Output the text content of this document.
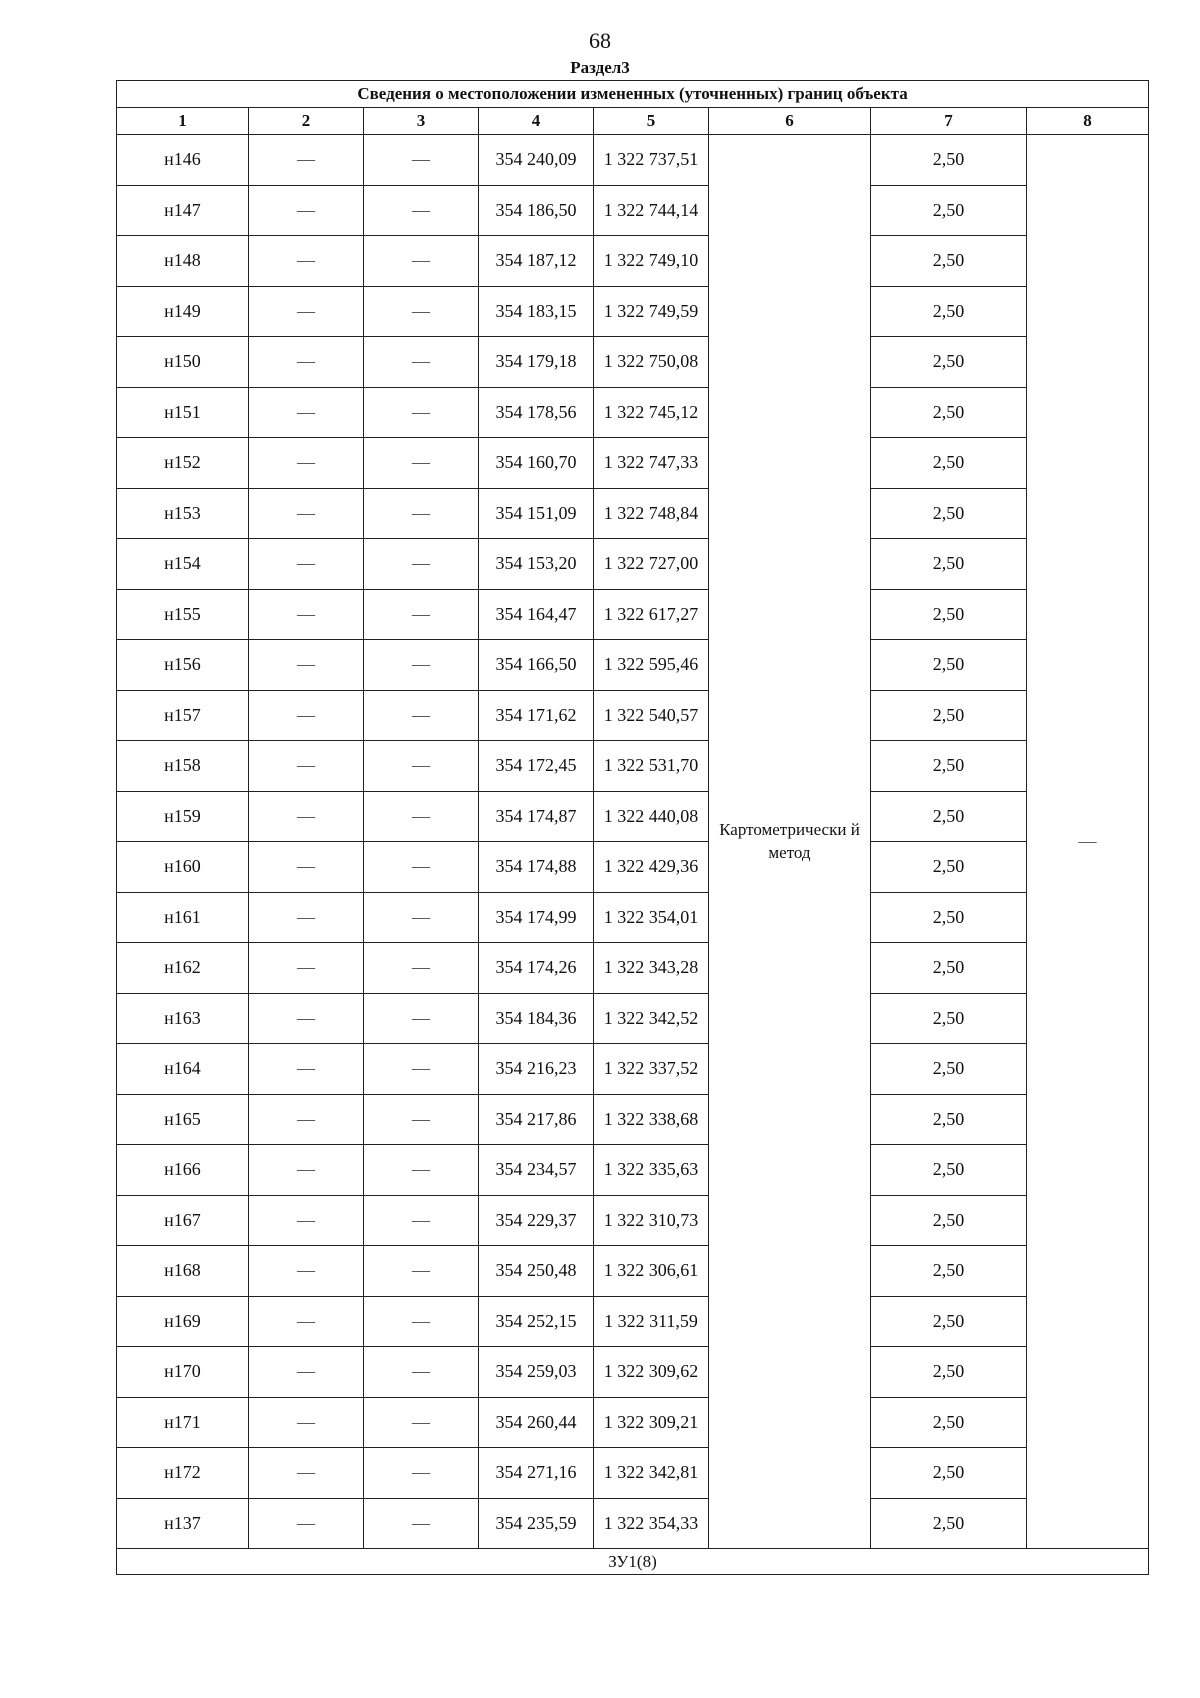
68
Раздел3
Сведения о местоположении измененных (уточненных) границ объекта							
1	2	3	4	5	6	7	8
н146	—	—	354 240,09	1 322 737,51	Картометрически й метод	2,50	—
н147	—	—	354 186,50	1 322 744,14		2,50	
н148	—	—	354 187,12	1 322 749,10		2,50	
н149	—	—	354 183,15	1 322 749,59		2,50	
н150	—	—	354 179,18	1 322 750,08		2,50	
н151	—	—	354 178,56	1 322 745,12		2,50	
н152	—	—	354 160,70	1 322 747,33		2,50	
н153	—	—	354 151,09	1 322 748,84		2,50	
н154	—	—	354 153,20	1 322 727,00		2,50	
н155	—	—	354 164,47	1 322 617,27		2,50	
н156	—	—	354 166,50	1 322 595,46		2,50	
н157	—	—	354 171,62	1 322 540,57		2,50	
н158	—	—	354 172,45	1 322 531,70		2,50	
н159	—	—	354 174,87	1 322 440,08		2,50	
н160	—	—	354 174,88	1 322 429,36		2,50	
н161	—	—	354 174,99	1 322 354,01		2,50	
н162	—	—	354 174,26	1 322 343,28		2,50	
н163	—	—	354 184,36	1 322 342,52		2,50	
н164	—	—	354 216,23	1 322 337,52		2,50	
н165	—	—	354 217,86	1 322 338,68		2,50	
н166	—	—	354 234,57	1 322 335,63		2,50	
н167	—	—	354 229,37	1 322 310,73		2,50	
н168	—	—	354 250,48	1 322 306,61		2,50	
н169	—	—	354 252,15	1 322 311,59		2,50	
н170	—	—	354 259,03	1 322 309,62		2,50	
н171	—	—	354 260,44	1 322 309,21		2,50	
н172	—	—	354 271,16	1 322 342,81		2,50	
н137	—	—	354 235,59	1 322 354,33		2,50	
ЗУ1(8)							
